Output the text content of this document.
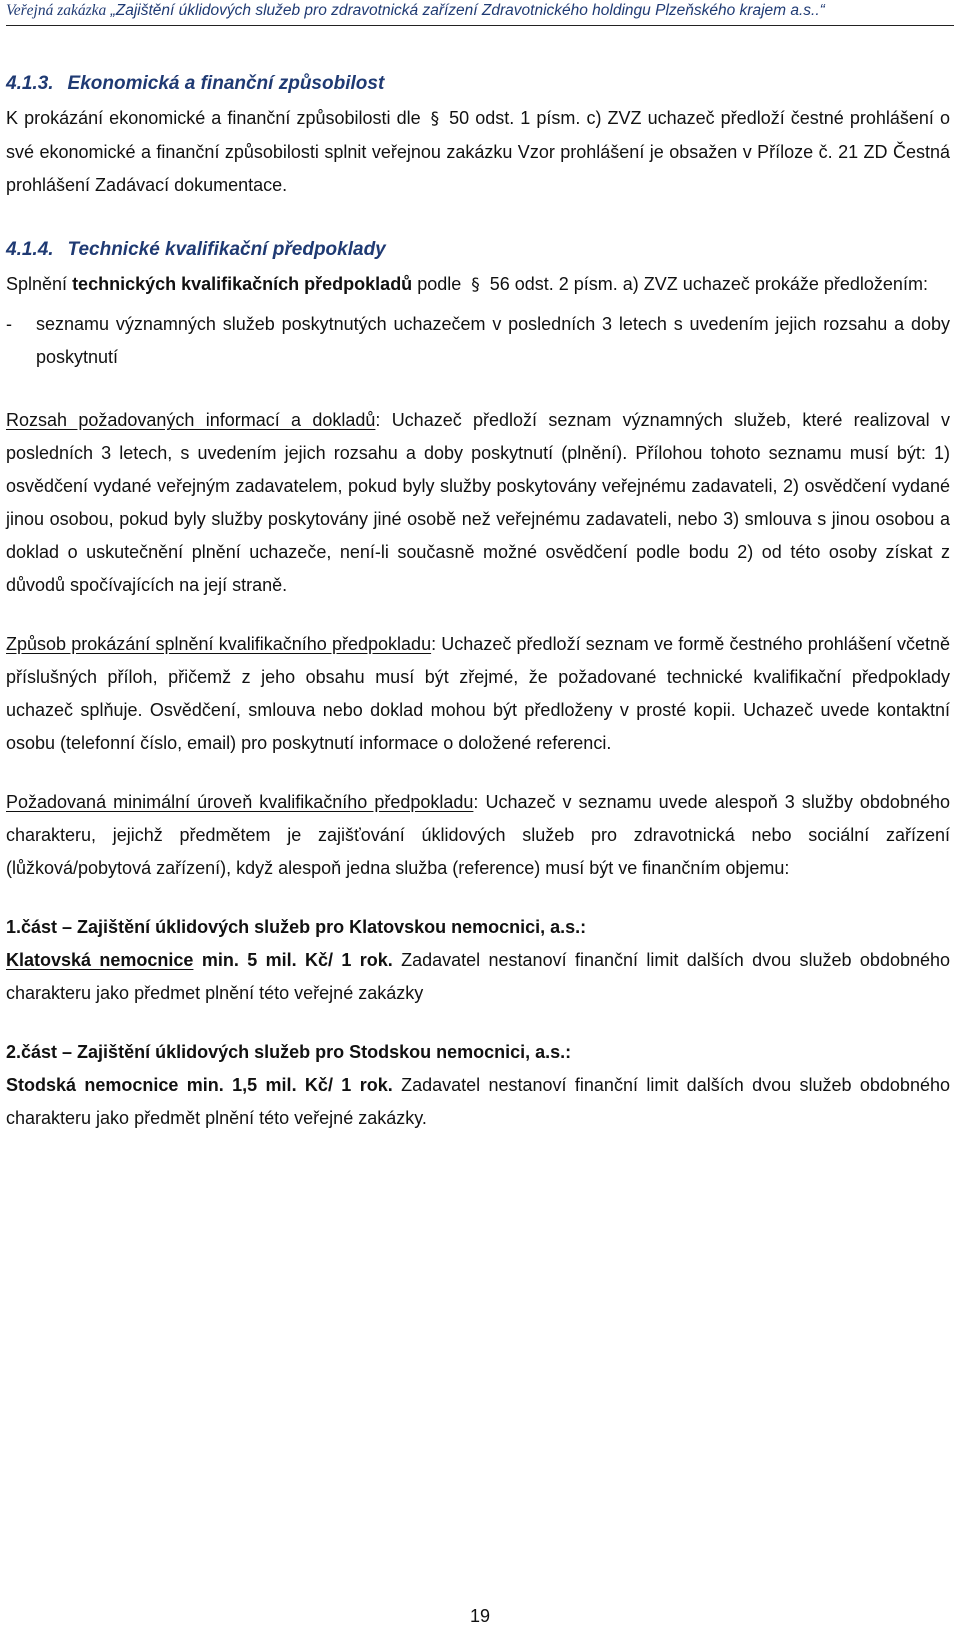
Veřejná zakázka „Zajištění úklidových služeb pro zdravotnická zařízení Zdravotnického holdingu Plzeňského krajem a.s..“
4.1.3. Ekonomická a finanční způsobilost

K prokázání ekonomické a finanční způsobilosti dle § 50 odst. 1 písm. c) ZVZ uchazeč předloží čestné prohlášení o své ekonomické a finanční způsobilosti splnit veřejnou zakázku Vzor prohlášení je obsažen v Příloze č. 21 ZD Čestná prohlášení Zadávací dokumentace.

4.1.4. Technické kvalifikační předpoklady

Splnění technických kvalifikačních předpokladů podle § 56 odst. 2 písm. a) ZVZ uchazeč prokáže předložením:

-	seznamu významných služeb poskytnutých uchazečem v posledních 3 letech s uvedením jejich rozsahu a doby poskytnutí

Rozsah požadovaných informací a dokladů: Uchazeč předloží seznam významných služeb, které realizoval v posledních 3 letech, s uvedením jejich rozsahu a doby poskytnutí (plnění). Přílohou tohoto seznamu musí být: 1) osvědčení vydané veřejným zadavatelem, pokud byly služby poskytovány veřejnému zadavateli, 2) osvědčení vydané jinou osobou, pokud byly služby poskytovány jiné osobě než veřejnému zadavateli, nebo 3) smlouva s jinou osobou a doklad o uskutečnění plnění uchazeče, není-li současně možné osvědčení podle bodu 2) od této osoby získat z důvodů spočívajících na její straně.

Způsob prokázání splnění kvalifikačního předpokladu: Uchazeč předloží seznam ve formě čestného prohlášení včetně příslušných příloh, přičemž z jeho obsahu musí být zřejmé, že požadované technické kvalifikační předpoklady uchazeč splňuje. Osvědčení, smlouva nebo doklad mohou být předloženy v prosté kopii. Uchazeč uvede kontaktní osobu (telefonní číslo, email) pro poskytnutí informace o doložené referenci.

Požadovaná minimální úroveň kvalifikačního předpokladu: Uchazeč v seznamu uvede alespoň 3 služby obdobného charakteru, jejichž předmětem je zajišťování úklidových služeb pro zdravotnická nebo sociální zařízení (lůžková/pobytová zařízení), když alespoň jedna služba (reference) musí být ve finančním objemu:

1.část – Zajištění úklidových služeb pro Klatovskou nemocnici, a.s.:

Klatovská nemocnice min. 5 mil. Kč/ 1 rok. Zadavatel nestanoví finanční limit dalších dvou služeb obdobného charakteru jako předmet plnění této veřejné zakázky

2.část – Zajištění úklidových služeb pro Stodskou nemocnici, a.s.:

Stodská nemocnice min. 1,5 mil. Kč/ 1 rok. Zadavatel nestanoví finanční limit dalších dvou služeb obdobného charakteru jako předmět plnění této veřejné zakázky.

19
